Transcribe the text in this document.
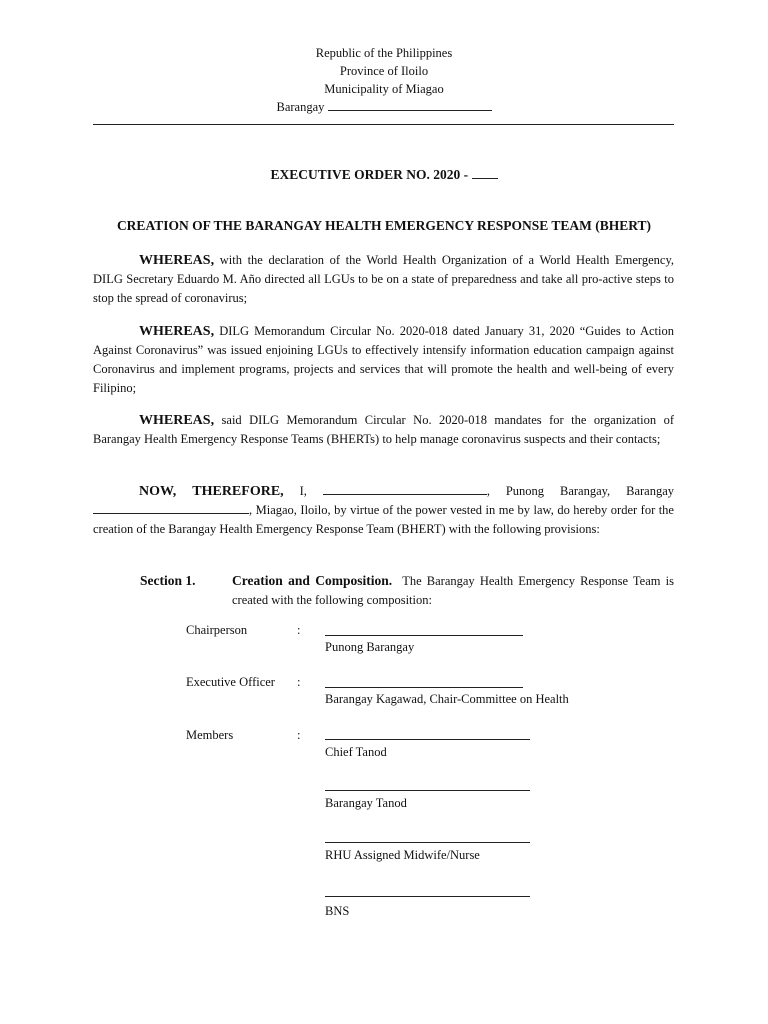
Republic of the Philippines
Province of Iloilo
Municipality of Miagao
Barangay
EXECUTIVE ORDER NO. 2020 -
CREATION OF THE BARANGAY HEALTH EMERGENCY RESPONSE TEAM (BHERT)
WHEREAS, with the declaration of the World Health Organization of a World Health Emergency, DILG Secretary Eduardo M. Año directed all LGUs to be on a state of preparedness and take all pro-active steps to stop the spread of coronavirus;
WHEREAS, DILG Memorandum Circular No. 2020-018 dated January 31, 2020 “Guides to Action Against Coronavirus” was issued enjoining LGUs to effectively intensify information education campaign against Coronavirus and implement programs, projects and services that will promote the health and well-being of every Filipino;
WHEREAS, said DILG Memorandum Circular No. 2020-018 mandates for the organization of Barangay Health Emergency Response Teams (BHERTs) to help manage coronavirus suspects and their contacts;
NOW, THEREFORE, I,	, Punong Barangay, Barangay , Miagao, Iloilo, by virtue of the power vested in me by law, do hereby order for the creation of the Barangay Health Emergency Response Team (BHERT) with the following provisions:
Section 1.	Creation and Composition. The Barangay Health Emergency Response Team is created with the following composition:
Chairperson	:
Punong Barangay
Executive Officer :
Barangay Kagawad, Chair-Committee on Health
Members	:
Chief Tanod
Barangay Tanod
RHU Assigned Midwife/Nurse
BNS
